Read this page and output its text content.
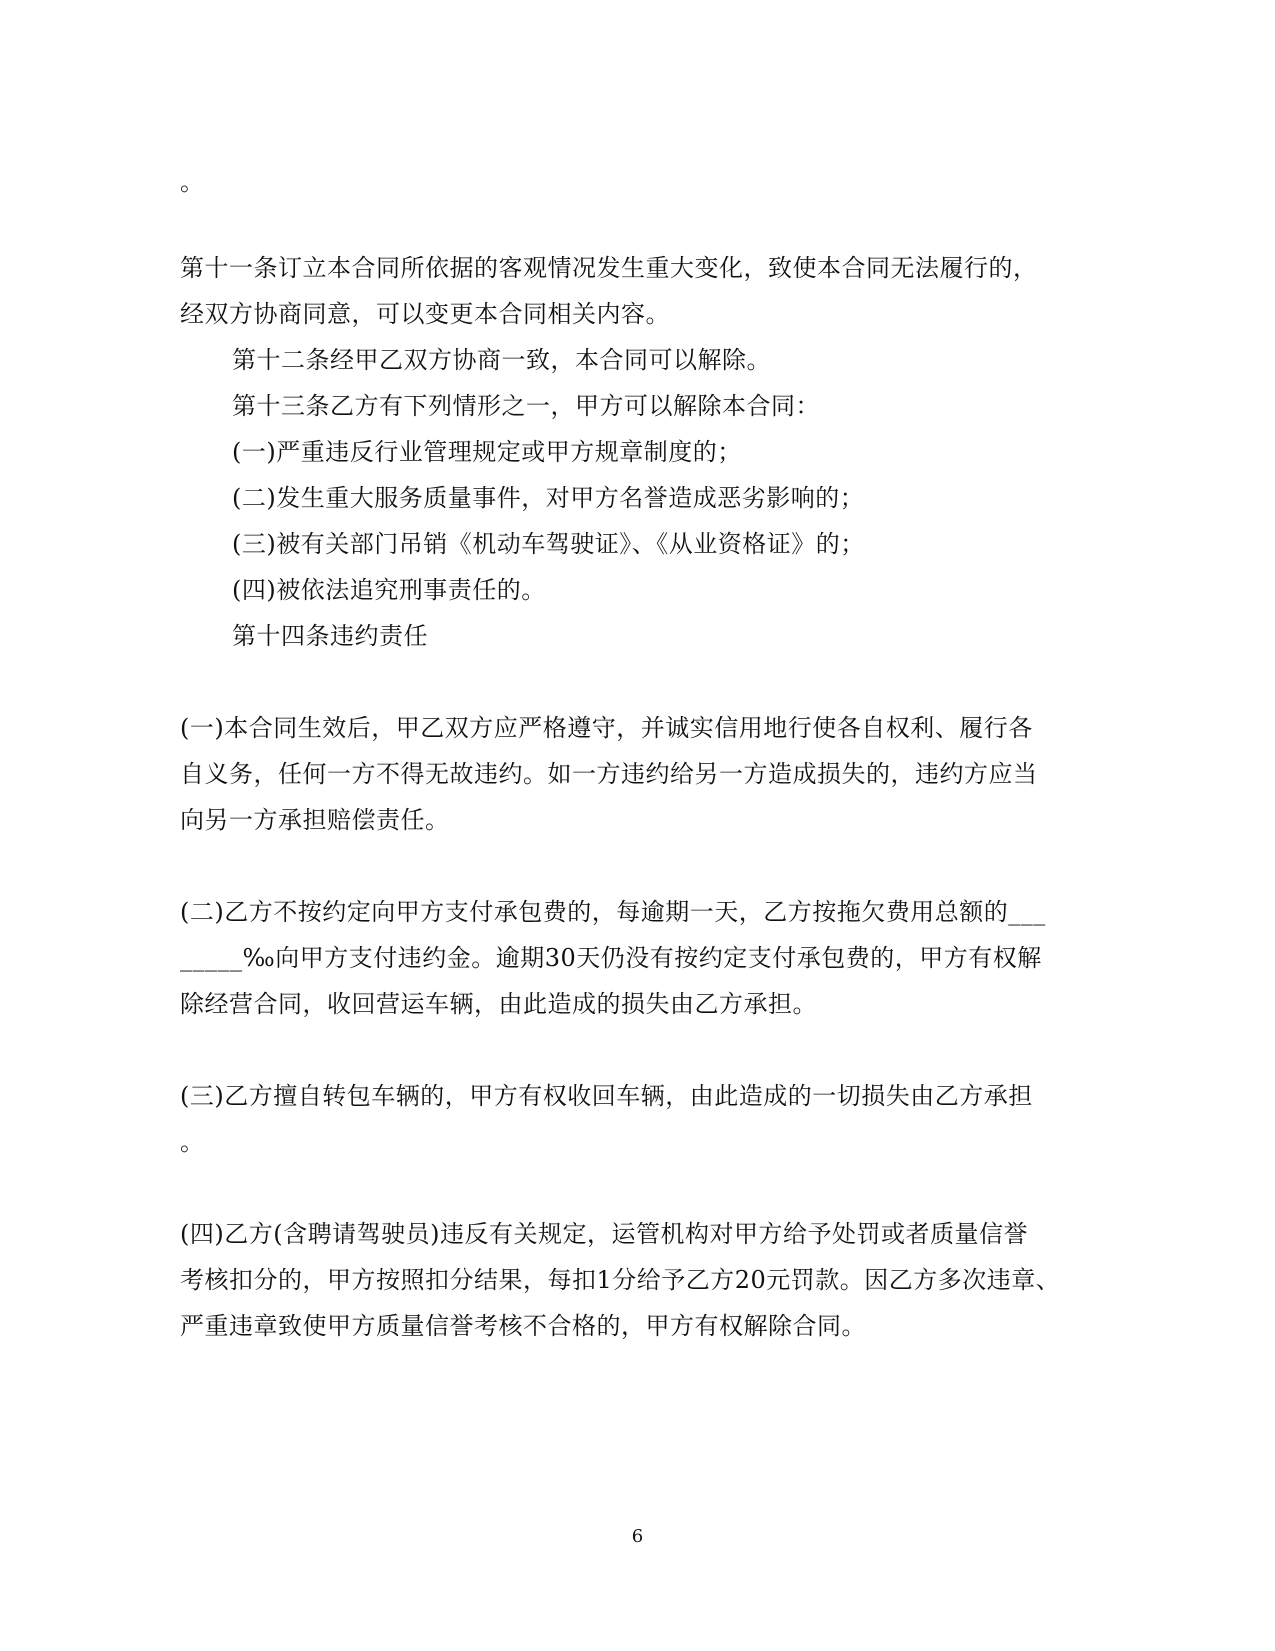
。
第十一条订立本合同所依据的客观情况发生重大变化，致使本合同无法履行的，
经双方协商同意，可以变更本合同相关内容。
第十二条经甲乙双方协商一致，本合同可以解除。
第十三条乙方有下列情形之一，甲方可以解除本合同：
(一)严重违反行业管理规定或甲方规章制度的；
(二)发生重大服务质量事件，对甲方名誉造成恶劣影响的；
(三)被有关部门吊销《机动车驾驶证》、《从业资格证》的；
(四)被依法追究刑事责任的。
第十四条违约责任
(一)本合同生效后，甲乙双方应严格遵守，并诚实信用地行使各自权利、履行各
自义务，任何一方不得无故违约。如一方违约给另一方造成损失的，违约方应当
向另一方承担赔偿责任。
(二)乙方不按约定向甲方支付承包费的，每逾期一天，乙方按拖欠费用总额的___
_____‰向甲方支付违约金。逾期30天仍没有按约定支付承包费的，甲方有权解
除经营合同，收回营运车辆，由此造成的损失由乙方承担。
(三)乙方擅自转包车辆的，甲方有权收回车辆，由此造成的一切损失由乙方承担
。
(四)乙方(含聘请驾驶员)违反有关规定，运管机构对甲方给予处罚或者质量信誉
考核扣分的，甲方按照扣分结果，每扣1分给予乙方20元罚款。因乙方多次违章、
严重违章致使甲方质量信誉考核不合格的，甲方有权解除合同。
6
